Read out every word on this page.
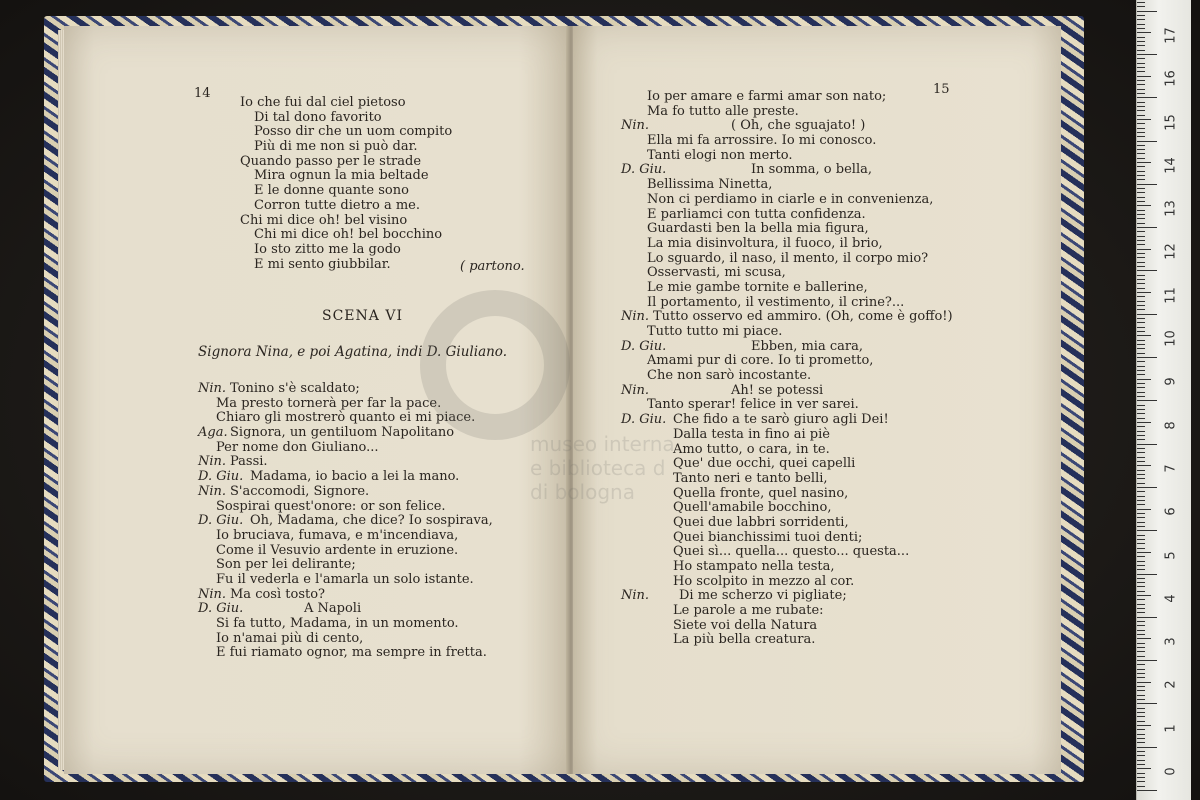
14
Io che fui dal ciel pietoso
Di tal dono favorito
Posso dir che un uom compito
Più di me non si può dar.
Quando passo per le strade
Mira ognun la mia beltade
E le donne quante sono
Corron tutte dietro a me.
Chi mi dice oh! bel visino
Chi mi dice oh! bel bocchino
Io sto zitto me la godo
E mi sento giubbilar.	( partono.
SCENA VI
Signora Nina, e poi Agatina, indi D. Giuliano.
Nin. Tonino s'è scaldato;
Ma presto tornerà per far la pace.
Chiaro gli mostrerò quanto ei mi piace.
Aga. Signora, un gentiluom Napolitano
Per nome don Giuliano...
Nin. Passi.
D. Giu. Madama, io bacio a lei la mano.
Nin. S'accomodi, Signore.
Sospirai quest'onore: or son felice.
D. Giu. Oh, Madama, che dice? Io sospirava,
Io bruciava, fumava, e m'incendiava,
Come il Vesuvio ardente in eruzione.
Son per lei delirante;
Fu il vederla e l'amarla un solo istante.
Nin. Ma così tosto?
D. Giu.	A Napoli
Si fa tutto, Madama, in un momento.
Io n'amai più di cento,
E fui riamato ognor, ma sempre in fretta.
15
Io per amare e farmi amar son nato;
Ma fo tutto alle preste.
Nin.	( Oh, che sguajato! )
Ella mi fa arrossire. Io mi conosco.
Tanti elogi non merto.
D. Giu.	In somma, o bella,
Bellissima Ninetta,
Non ci perdiamo in ciarle e in convenienza,
E parliamci con tutta confidenza.
Guardasti ben la bella mia figura,
La mia disinvoltura, il fuoco, il brio,
Lo sguardo, il naso, il mento, il corpo mio?
Osservasti, mi scusa,
Le mie gambe tornite e ballerine,
Il portamento, il vestimento, il crine?...
Nin. Tutto osservo ed ammiro. (Oh, come è goffo!)
Tutto tutto mi piace.
D. Giu.	Ebben, mia cara,
Amami pur di core. Io ti prometto,
Che non sarò incostante.
Nin.	Ah! se potessi
Tanto sperar! felice in ver sarei.
D. Giu. Che fido a te sarò giuro agli Dei!
Dalla testa in fino ai piè
Amo tutto, o cara, in te.
Que' due occhi, quei capelli
Tanto neri e tanto belli,
Quella fronte, quel nasino,
Quell'amabile bocchino,
Quei due labbri sorridenti,
Quei bianchissimi tuoi denti;
Quei sì... quella... questo... questa...
Ho stampato nella testa,
Ho scolpito in mezzo al cor.
Nin. Di me scherzo vi pigliate;
Le parole a me rubate:
Siete voi della Natura
La più bella creatura.
museo interna
e biblioteca d
di bologna
0
1
2
3
4
5
6
7
8
9
10
11
12
13
14
15
16
17
